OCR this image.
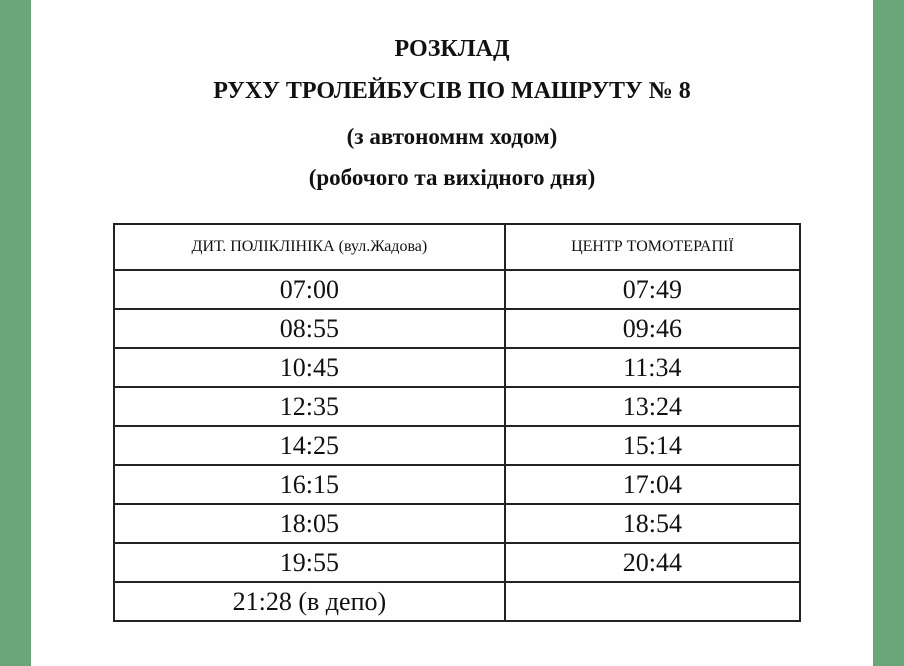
РОЗКЛАД
РУХУ ТРОЛЕЙБУСІВ ПО МАШРУТУ № 8
(з автономнм ходом)
(робочого та вихідного дня)
ДИТ. ПОЛІКЛІНІКА (вул.Жадова)	ЦЕНТР ТОМОТЕРАПІЇ
07:00	07:49
08:55	09:46
10:45	11:34
12:35	13:24
14:25	15:14
16:15	17:04
18:05	18:54
19:55	20:44
21:28 (в депо)	
